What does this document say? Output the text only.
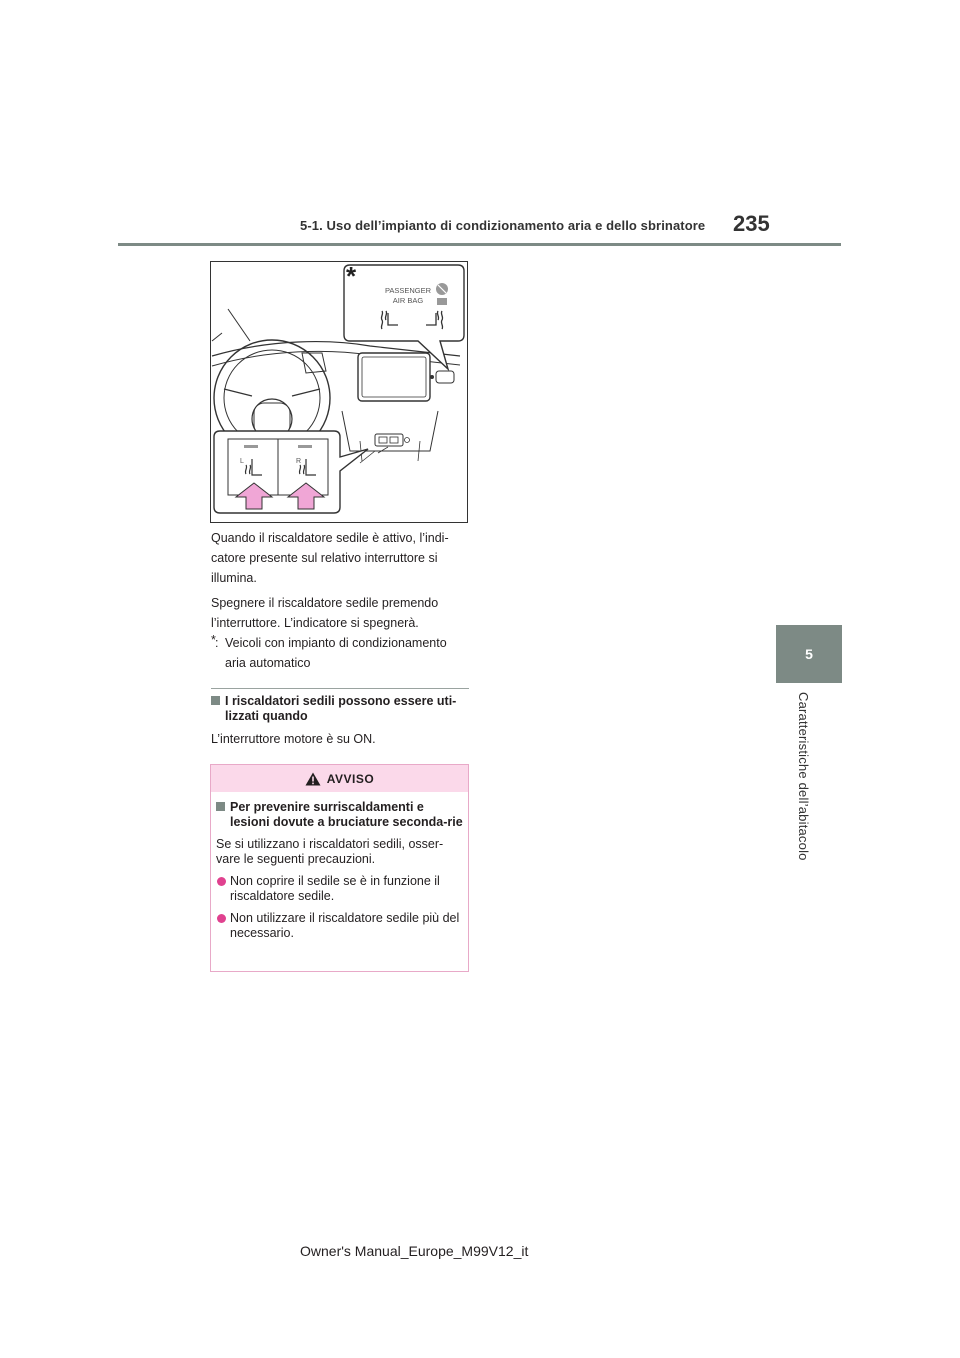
5-1. Uso dell’impianto di condizionamento aria e dello sbrinatore 235
5
Caratteristiche dell’abitacolo
*	PASSENGER
AIR BAG
L	R
Quando il riscaldatore sedile è attivo, l’indi-
catore presente sul relativo interruttore si
illumina.
Spegnere il riscaldatore sedile premendo
l’interruttore. L’indicatore si spegnerà.
* : Veicoli con impianto di condizionamento
aria automatico
I riscaldatori sedili possono essere uti-lizzati quando
L’interruttore motore è su ON.
AVVISO
Per prevenire surriscaldamenti e lesioni dovute a bruciature seconda-rie
Se si utilizzano i riscaldatori sedili, osser-vare le seguenti precauzioni.
Non coprire il sedile se è in funzione il riscaldatore sedile.
Non utilizzare il riscaldatore sedile più del necessario.
Owner's Manual_Europe_M99V12_it
